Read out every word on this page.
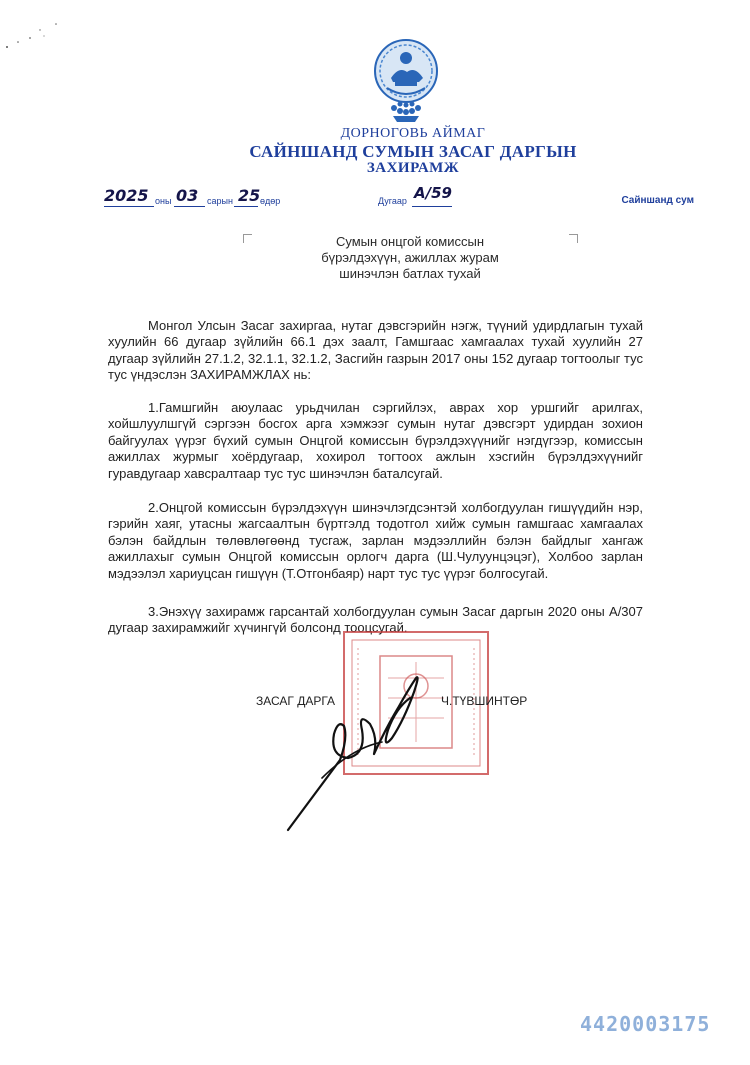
ДОРНОГОВЬ АЙМАГ
САЙНШАНД СУМЫН ЗАСАГ ДАРГЫН
ЗАХИРАМЖ
2025 оны 03 сарын 25 өдөр	Дугаар А/59	Сайншанд сум
Сумын онцгой комиссын
бүрэлдэхүүн, ажиллах журам
шинэчлэн батлах тухай

Монгол Улсын Засаг захиргаа, нутаг дэвсгэрийн нэгж, түүний удирдлагын тухай хуулийн 66 дугаар зүйлийн 66.1 дэх заалт, Гамшгаас хамгаалах тухай хуулийн 27 дугаар зүйлийн 27.1.2, 32.1.1, 32.1.2, Засгийн газрын 2017 оны 152 дугаар тогтоолыг тус тус үндэслэн ЗАХИРАМЖЛАХ нь:

1.Гамшгийн аюулаас урьдчилан сэргийлэх, аврах хор уршгийг арилгах, хойшлуулшгүй сэргээн босгох арга хэмжээг сумын нутаг дэвсгэрт удирдан зохион байгуулах үүрэг бүхий сумын Онцгой комиссын бүрэлдэхүүнийг нэгдүгээр, комиссын ажиллах журмыг хоёрдугаар, хохирол тогтоох ажлын хэсгийн бүрэлдэхүүнийг гуравдугаар хавсралтаар тус тус шинэчлэн баталсугай.

2.Онцгой комиссын бүрэлдэхүүн шинэчлэгдсэнтэй холбогдуулан гишүүдийн нэр, гэрийн хаяг, утасны жагсаалтын бүртгэлд тодотгол хийж сумын гамшгаас хамгаалах бэлэн байдлын төлөвлөгөөнд тусгаж, зарлан мэдээллийн бэлэн байдлыг хангаж ажиллахыг сумын Онцгой комиссын орлогч дарга (Ш.Чулуунцэцэг), Холбоо зарлан мэдээлэл хариуцсан гишүүн (Т.Отгонбаяр) нарт тус тус үүрэг болгосугай.

3.Энэхүү захирамж гарсантай холбогдуулан сумын Засаг даргын 2020 оны А/307 дугаар захирамжийг хүчингүй болсонд тооцсугай.

ЗАСАГ ДАРГА	Ч.ТҮВШИНТӨР
4420003175
